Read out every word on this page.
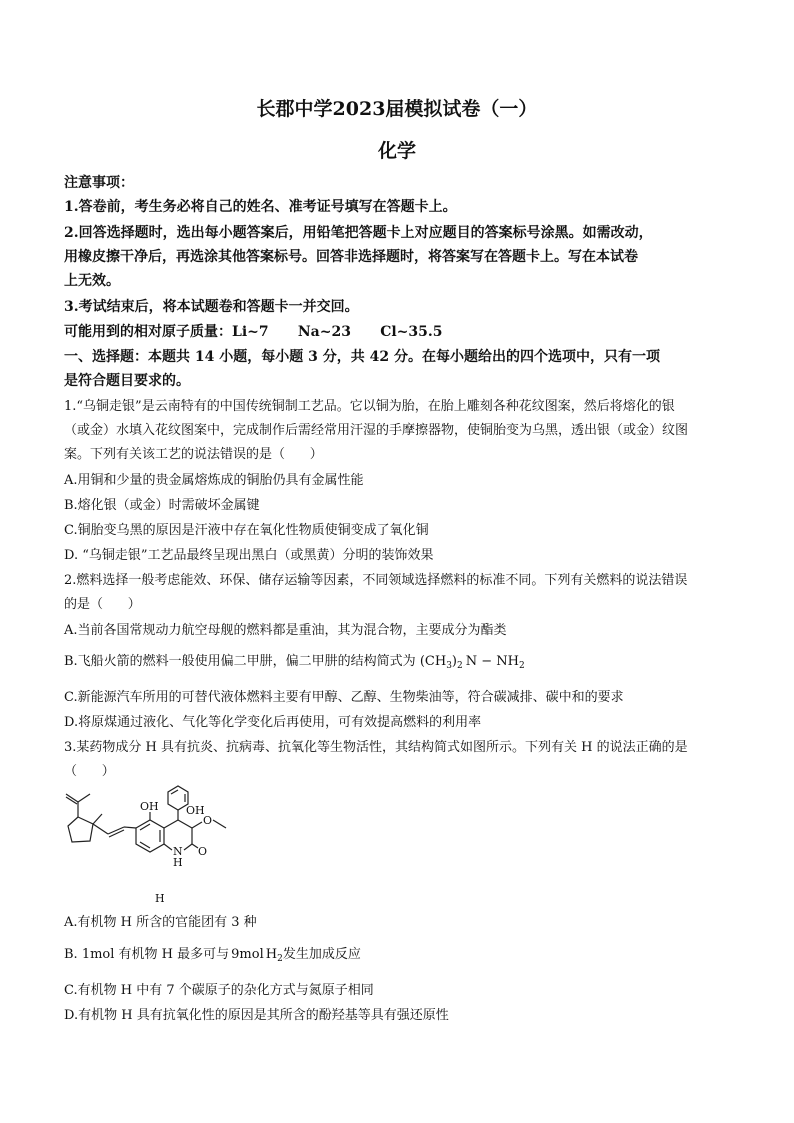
长郡中学2023届模拟试卷（一）
化学
注意事项：
1.答卷前，考生务必将自己的姓名、准考证号填写在答题卡上。
2.回答选择题时，选出每小题答案后，用铅笔把答题卡上对应题目的答案标号涂黑。如需改动，
用橡皮擦干净后，再选涂其他答案标号。回答非选择题时，将答案写在答题卡上。写在本试卷
上无效。
3.考试结束后，将本试题卷和答题卡一并交回。
可能用到的相对原子质量：Li~7      Na~23      Cl~35.5
一、选择题：本题共 14 小题，每小题 3 分，共 42 分。在每小题给出的四个选项中，只有一项
是符合题目要求的。
1.“乌铜走银”是云南特有的中国传统铜制工艺品。它以铜为胎，在胎上雕刻各种花纹图案，然后将熔化的银
（或金）水填入花纹图案中，完成制作后需经常用汗湿的手摩擦器物，使铜胎变为乌黑，透出银（或金）纹图
案。下列有关该工艺的说法错误的是（      ）
A.用铜和少量的贵金属熔炼成的铜胎仍具有金属性能
B.熔化银（或金）时需破坏金属键
C.铜胎变乌黑的原因是汗液中存在氧化性物质使铜变成了氧化铜
D. “乌铜走银”工艺品最终呈现出黑白（或黑黄）分明的装饰效果
2.燃料选择一般考虑能效、环保、储存运输等因素，不同领域选择燃料的标准不同。下列有关燃料的说法错误
的是（      ）
A.当前各国常规动力航空母舰的燃料都是重油，其为混合物，主要成分为酯类
B.飞船火箭的燃料一般使用偏二甲肼，偏二甲肼的结构简式为 $(CH_3)_2$ $N - NH_2$
C.新能源汽车所用的可替代液体燃料主要有甲醇、乙醇、生物柴油等，符合碳减排、碳中和的要求
D.将原煤通过液化、气化等化学变化后再使用，可有效提高燃料的利用率
3.某药物成分 H 具有抗炎、抗病毒、抗氧化等生物活性，其结构简式如图所示。下列有关 H 的说法正确的是
（      ）
OH
N
H
O
OH
O
H
A.有机物 H 所含的官能团有 3 种
B. 1mol 有机物 H 最多可与 9mol $H_2$发生加成反应
C.有机物 H 中有 7 个碳原子的杂化方式与氮原子相同
D.有机物 H 具有抗氧化性的原因是其所含的酚羟基等具有强还原性
